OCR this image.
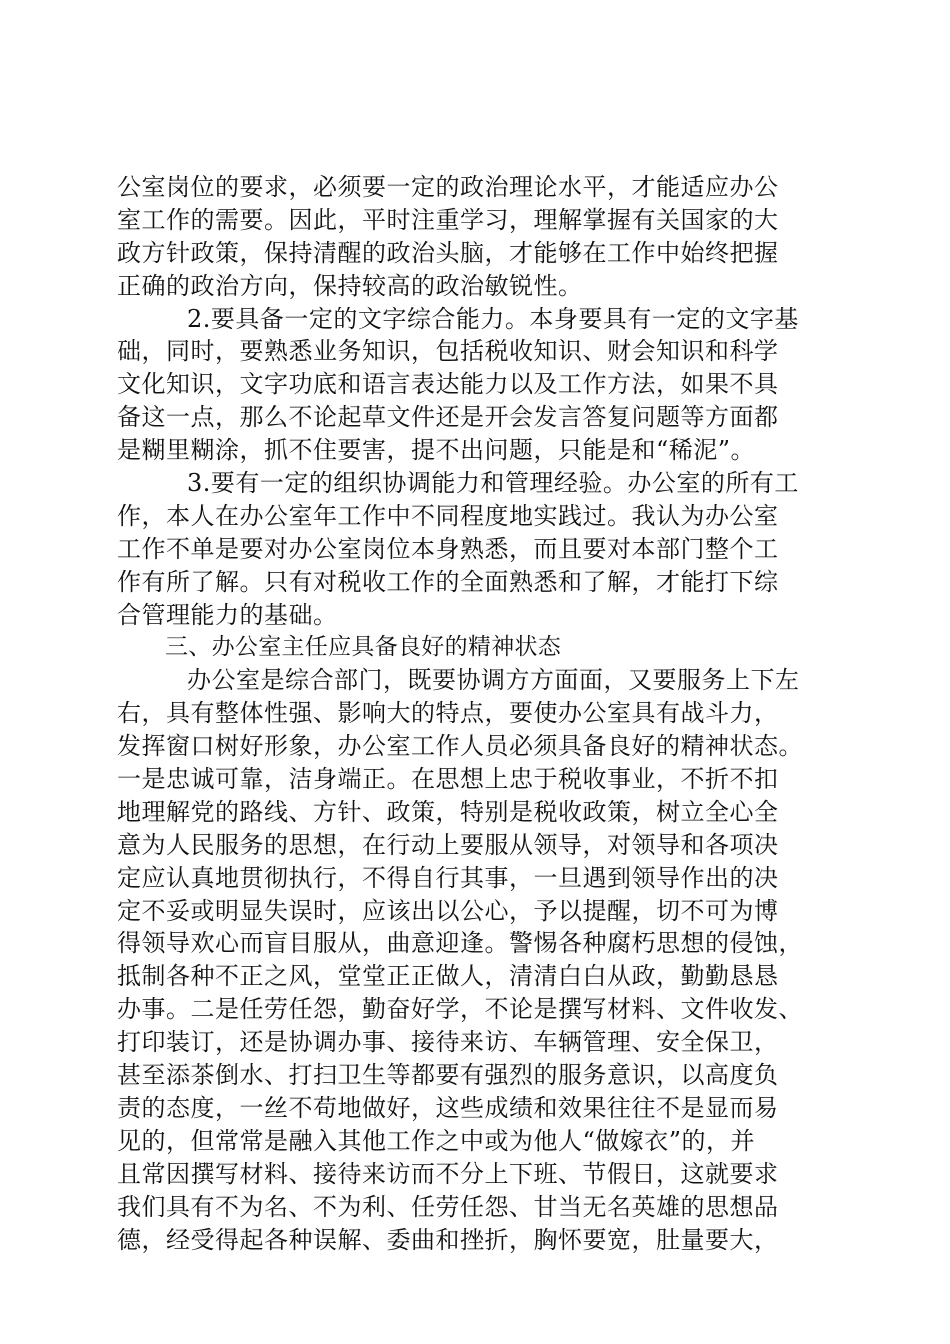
公室岗位的要求，必须要一定的政治理论水平，才能适应办公
室工作的需要。因此，平时注重学习，理解掌握有关国家的大
政方针政策，保持清醒的政治头脑，才能够在工作中始终把握
正确的政治方向，保持较高的政治敏锐性。
2.要具备一定的文字综合能力。本身要具有一定的文字基
础，同时，要熟悉业务知识，包括税收知识、财会知识和科学
文化知识，文字功底和语言表达能力以及工作方法，如果不具
备这一点，那么不论起草文件还是开会发言答复问题等方面都
是糊里糊涂，抓不住要害，提不出问题，只能是和“稀泥”。
3.要有一定的组织协调能力和管理经验。办公室的所有工
作，本人在办公室年工作中不同程度地实践过。我认为办公室
工作不单是要对办公室岗位本身熟悉，而且要对本部门整个工
作有所了解。只有对税收工作的全面熟悉和了解，才能打下综
合管理能力的基础。
三、办公室主任应具备良好的精神状态
办公室是综合部门，既要协调方方面面，又要服务上下左
右，具有整体性强、影响大的特点，要使办公室具有战斗力，
发挥窗口树好形象，办公室工作人员必须具备良好的精神状态。
一是忠诚可靠，洁身端正。在思想上忠于税收事业，不折不扣
地理解党的路线、方针、政策，特别是税收政策，树立全心全
意为人民服务的思想，在行动上要服从领导，对领导和各项决
定应认真地贯彻执行，不得自行其事，一旦遇到领导作出的决
定不妥或明显失误时，应该出以公心，予以提醒，切不可为博
得领导欢心而盲目服从，曲意迎逢。警惕各种腐朽思想的侵蚀，
抵制各种不正之风，堂堂正正做人，清清白白从政，勤勤恳恳
办事。二是任劳任怨，勤奋好学，不论是撰写材料、文件收发、
打印装订，还是协调办事、接待来访、车辆管理、安全保卫，
甚至添茶倒水、打扫卫生等都要有强烈的服务意识，以高度负
责的态度，一丝不苟地做好，这些成绩和效果往往不是显而易
见的，但常常是融入其他工作之中或为他人“做嫁衣”的，并
且常因撰写材料、接待来访而不分上下班、节假日，这就要求
我们具有不为名、不为利、任劳任怨、甘当无名英雄的思想品
德，经受得起各种误解、委曲和挫折，胸怀要宽，肚量要大，
